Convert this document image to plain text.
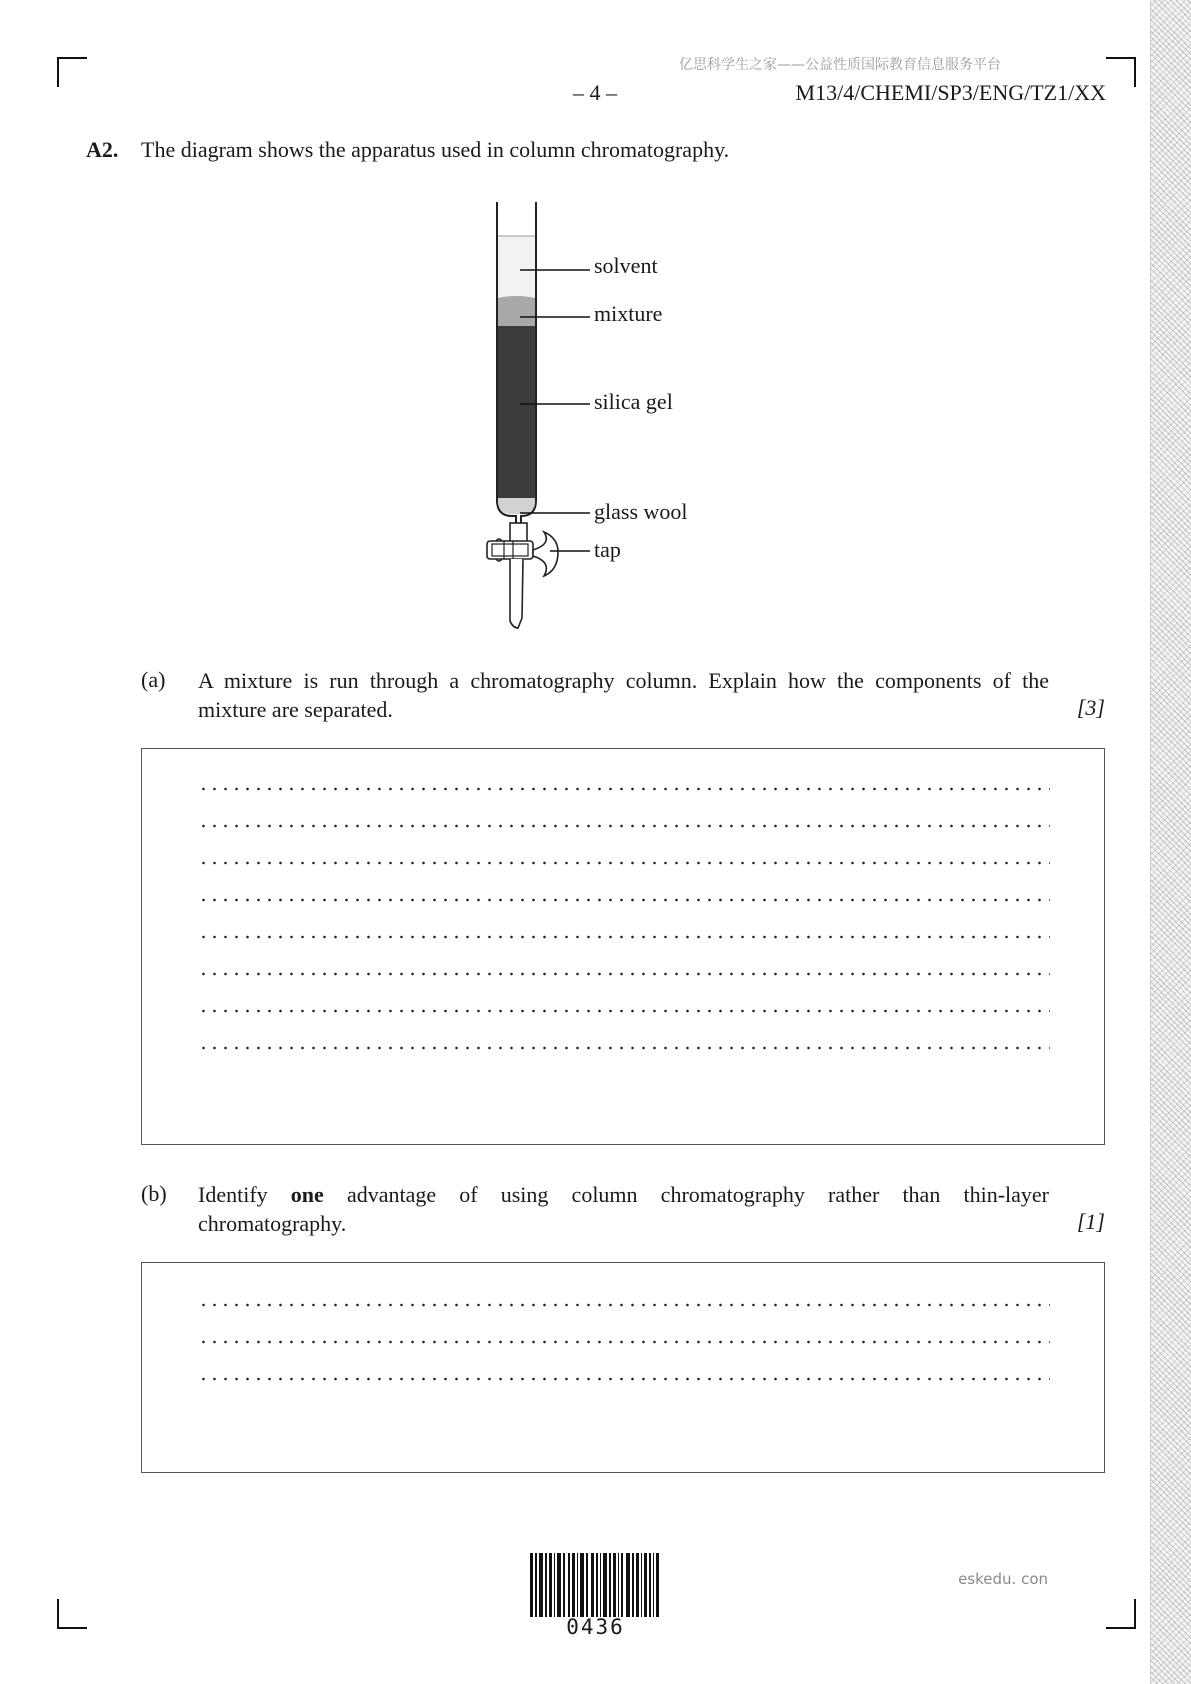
亿思科学生之家——公益性质国际教育信息服务平台
– 4 –	M13/4/CHEMI/SP3/ENG/TZ1/XX
A2. The diagram shows the apparatus used in column chromatography.
solvent
mixture
silica gel
glass wool
tap
(a) A mixture is run through a chromatography column. Explain how the components of the
mixture are separated.	[3]
(b) Identify one advantage of using column chromatography rather than thin-layer
chromatography.	[1]
0436
eskedu. con
